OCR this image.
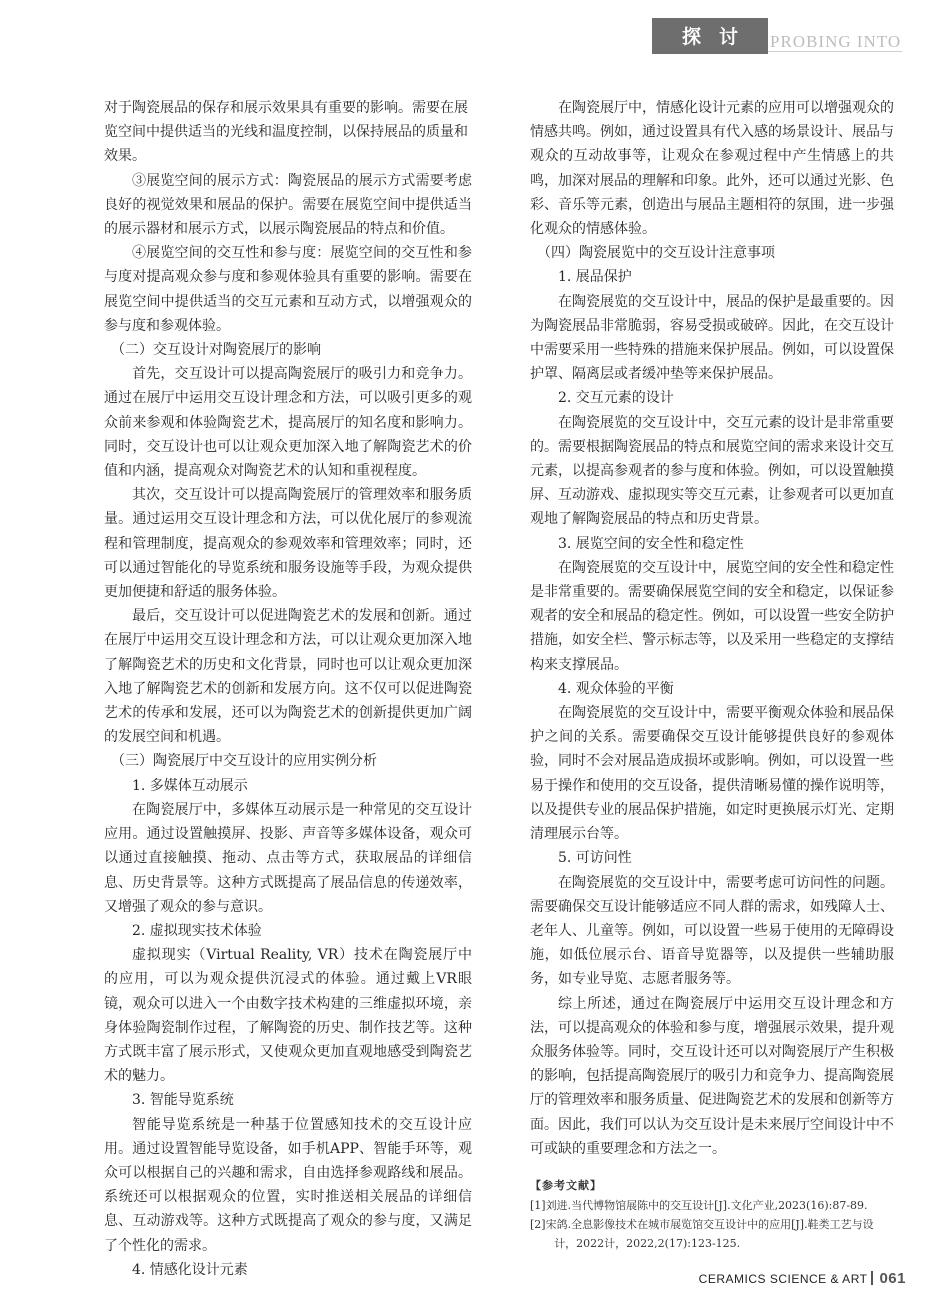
探讨 PROBING INTO

对于陶瓷展品的保存和展示效果具有重要的影响。需要在展览空间中提供适当的光线和温度控制，以保持展品的质量和效果。

③展览空间的展示方式：陶瓷展品的展示方式需要考虑良好的视觉效果和展品的保护。需要在展览空间中提供适当的展示器材和展示方式，以展示陶瓷展品的特点和价值。

④展览空间的交互性和参与度：展览空间的交互性和参与度对提高观众参与度和参观体验具有重要的影响。需要在展览空间中提供适当的交互元素和互动方式，以增强观众的参与度和参观体验。

（二）交互设计对陶瓷展厅的影响

首先，交互设计可以提高陶瓷展厅的吸引力和竞争力。通过在展厅中运用交互设计理念和方法，可以吸引更多的观众前来参观和体验陶瓷艺术，提高展厅的知名度和影响力。同时，交互设计也可以让观众更加深入地了解陶瓷艺术的价值和内涵，提高观众对陶瓷艺术的认知和重视程度。

其次，交互设计可以提高陶瓷展厅的管理效率和服务质量。通过运用交互设计理念和方法，可以优化展厅的参观流程和管理制度，提高观众的参观效率和管理效率；同时，还可以通过智能化的导览系统和服务设施等手段，为观众提供更加便捷和舒适的服务体验。

最后，交互设计可以促进陶瓷艺术的发展和创新。通过在展厅中运用交互设计理念和方法，可以让观众更加深入地了解陶瓷艺术的历史和文化背景，同时也可以让观众更加深入地了解陶瓷艺术的创新和发展方向。这不仅可以促进陶瓷艺术的传承和发展，还可以为陶瓷艺术的创新提供更加广阔的发展空间和机遇。

（三）陶瓷展厅中交互设计的应用实例分析

1. 多媒体互动展示

在陶瓷展厅中，多媒体互动展示是一种常见的交互设计应用。通过设置触摸屏、投影、声音等多媒体设备，观众可以通过直接触摸、拖动、点击等方式，获取展品的详细信息、历史背景等。这种方式既提高了展品信息的传递效率，又增强了观众的参与意识。

2. 虚拟现实技术体验

虚拟现实（Virtual Reality, VR）技术在陶瓷展厅中的应用，可以为观众提供沉浸式的体验。通过戴上VR眼镜，观众可以进入一个由数字技术构建的三维虚拟环境，亲身体验陶瓷制作过程，了解陶瓷的历史、制作技艺等。这种方式既丰富了展示形式，又使观众更加直观地感受到陶瓷艺术的魅力。

3. 智能导览系统

智能导览系统是一种基于位置感知技术的交互设计应用。通过设置智能导览设备，如手机APP、智能手环等，观众可以根据自己的兴趣和需求，自由选择参观路线和展品。系统还可以根据观众的位置，实时推送相关展品的详细信息、互动游戏等。这种方式既提高了观众的参与度，又满足了个性化的需求。

4. 情感化设计元素

在陶瓷展厅中，情感化设计元素的应用可以增强观众的情感共鸣。例如，通过设置具有代入感的场景设计、展品与观众的互动故事等，让观众在参观过程中产生情感上的共鸣，加深对展品的理解和印象。此外，还可以通过光影、色彩、音乐等元素，创造出与展品主题相符的氛围，进一步强化观众的情感体验。

（四）陶瓷展览中的交互设计注意事项

1. 展品保护

在陶瓷展览的交互设计中，展品的保护是最重要的。因为陶瓷展品非常脆弱，容易受损或破碎。因此，在交互设计中需要采用一些特殊的措施来保护展品。例如，可以设置保护罩、隔离层或者缓冲垫等来保护展品。

2. 交互元素的设计

在陶瓷展览的交互设计中，交互元素的设计是非常重要的。需要根据陶瓷展品的特点和展览空间的需求来设计交互元素，以提高参观者的参与度和体验。例如，可以设置触摸屏、互动游戏、虚拟现实等交互元素，让参观者可以更加直观地了解陶瓷展品的特点和历史背景。

3. 展览空间的安全性和稳定性

在陶瓷展览的交互设计中，展览空间的安全性和稳定性是非常重要的。需要确保展览空间的安全和稳定，以保证参观者的安全和展品的稳定性。例如，可以设置一些安全防护措施，如安全栏、警示标志等，以及采用一些稳定的支撑结构来支撑展品。

4. 观众体验的平衡

在陶瓷展览的交互设计中，需要平衡观众体验和展品保护之间的关系。需要确保交互设计能够提供良好的参观体验，同时不会对展品造成损坏或影响。例如，可以设置一些易于操作和使用的交互设备，提供清晰易懂的操作说明等，以及提供专业的展品保护措施，如定时更换展示灯光、定期清理展示台等。

5. 可访问性

在陶瓷展览的交互设计中，需要考虑可访问性的问题。需要确保交互设计能够适应不同人群的需求，如残障人士、老年人、儿童等。例如，可以设置一些易于使用的无障碍设施，如低位展示台、语音导览器等，以及提供一些辅助服务，如专业导览、志愿者服务等。

综上所述，通过在陶瓷展厅中运用交互设计理念和方法，可以提高观众的体验和参与度，增强展示效果，提升观众服务体验等。同时，交互设计还可以对陶瓷展厅产生积极的影响，包括提高陶瓷展厅的吸引力和竞争力、提高陶瓷展厅的管理效率和服务质量、促进陶瓷艺术的发展和创新等方面。因此，我们可以认为交互设计是未来展厅空间设计中不可或缺的重要理念和方法之一。

【参考文献】

[1]刘进.当代博物馆展陈中的交互设计[J].文化产业,2023(16):87-89.

[2]宋鸽.全息影像技术在城市展览馆交互设计中的应用[J].鞋类工艺与设计，2022计，2022,2(17):123-125.

CERAMICS SCIENCE & ART 061
